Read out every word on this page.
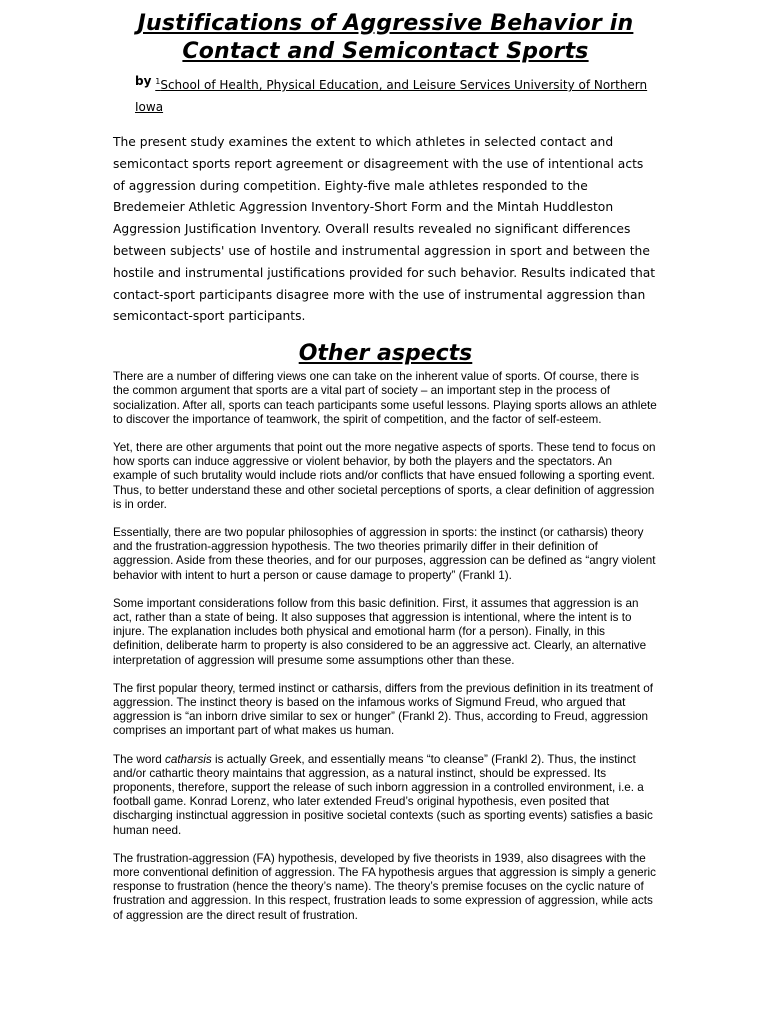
Justifications of Aggressive Behavior in
Contact and Semicontact Sports
by $^1$School of Health, Physical Education, and Leisure Services University of Northern Iowa

The present study examines the extent to which athletes in selected contact and semicontact sports report agreement or disagreement with the use of intentional acts of aggression during competition. Eighty-five male athletes responded to the Bredemeier Athletic Aggression Inventory-Short Form and the Mintah Huddleston Aggression Justification Inventory. Overall results revealed no significant differences between subjects' use of hostile and instrumental aggression in sport and between the hostile and instrumental justifications provided for such behavior. Results indicated that contact-sport participants disagree more with the use of instrumental aggression than semicontact-sport participants.

Other aspects

There are a number of differing views one can take on the inherent value of sports. Of course, there is the common argument that sports are a vital part of society – an important step in the process of socialization. After all, sports can teach participants some useful lessons. Playing sports allows an athlete to discover the importance of teamwork, the spirit of competition, and the factor of self-esteem.

Yet, there are other arguments that point out the more negative aspects of sports. These tend to focus on how sports can induce aggressive or violent behavior, by both the players and the spectators. An example of such brutality would include riots and/or conflicts that have ensued following a sporting event. Thus, to better understand these and other societal perceptions of sports, a clear definition of aggression is in order.

Essentially, there are two popular philosophies of aggression in sports: the instinct (or catharsis) theory and the frustration-aggression hypothesis. The two theories primarily differ in their definition of aggression. Aside from these theories, and for our purposes, aggression can be defined as “angry violent behavior with intent to hurt a person or cause damage to property” (Frankl 1).

Some important considerations follow from this basic definition. First, it assumes that aggression is an act, rather than a state of being. It also supposes that aggression is intentional, where the intent is to injure. The explanation includes both physical and emotional harm (for a person). Finally, in this definition, deliberate harm to property is also considered to be an aggressive act. Clearly, an alternative interpretation of aggression will presume some assumptions other than these.

The first popular theory, termed instinct or catharsis, differs from the previous definition in its treatment of aggression. The instinct theory is based on the infamous works of Sigmund Freud, who argued that aggression is “an inborn drive similar to sex or hunger” (Frankl 2). Thus, according to Freud, aggression comprises an important part of what makes us human.

The word catharsis is actually Greek, and essentially means “to cleanse” (Frankl 2). Thus, the instinct and/or cathartic theory maintains that aggression, as a natural instinct, should be expressed. Its proponents, therefore, support the release of such inborn aggression in a controlled environment, i.e. a football game. Konrad Lorenz, who later extended Freud’s original hypothesis, even posited that discharging instinctual aggression in positive societal contexts (such as sporting events) satisfies a basic human need.

The frustration-aggression (FA) hypothesis, developed by five theorists in 1939, also disagrees with the more conventional definition of aggression. The FA hypothesis argues that aggression is simply a generic response to frustration (hence the theory’s name). The theory’s premise focuses on the cyclic nature of frustration and aggression. In this respect, frustration leads to some expression of aggression, while acts of aggression are the direct result of frustration.
